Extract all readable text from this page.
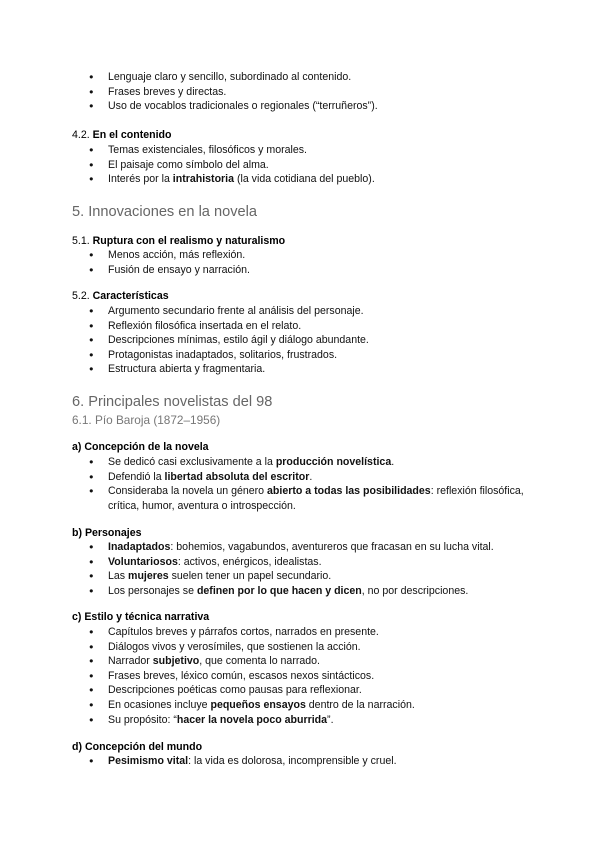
● Lenguaje claro y sencillo, subordinado al contenido.
● Frases breves y directas.
● Uso de vocablos tradicionales o regionales (“terruñeros”).
4.2. En el contenido
● Temas existenciales, filosóficos y morales.
● El paisaje como símbolo del alma.
● Interés por la intrahistoria (la vida cotidiana del pueblo).
5. Innovaciones en la novela
5.1. Ruptura con el realismo y naturalismo
● Menos acción, más reflexión.
● Fusión de ensayo y narración.
5.2. Características
● Argumento secundario frente al análisis del personaje.
● Reflexión filosófica insertada en el relato.
● Descripciones mínimas, estilo ágil y diálogo abundante.
● Protagonistas inadaptados, solitarios, frustrados.
● Estructura abierta y fragmentaria.
6. Principales novelistas del 98
6.1. Pío Baroja (1872–1956)
a) Concepción de la novela
● Se dedicó casi exclusivamente a la producción novelística.
● Defendió la libertad absoluta del escritor.
● Consideraba la novela un género abierto a todas las posibilidades: reflexión filosófica, crítica, humor, aventura o introspección.
b) Personajes
● Inadaptados: bohemios, vagabundos, aventureros que fracasan en su lucha vital.
● Voluntariosos: activos, enérgicos, idealistas.
● Las mujeres suelen tener un papel secundario.
● Los personajes se definen por lo que hacen y dicen, no por descripciones.
c) Estilo y técnica narrativa
● Capítulos breves y párrafos cortos, narrados en presente.
● Diálogos vivos y verosímiles, que sostienen la acción.
● Narrador subjetivo, que comenta lo narrado.
● Frases breves, léxico común, escasos nexos sintácticos.
● Descripciones poéticas como pausas para reflexionar.
● En ocasiones incluye pequeños ensayos dentro de la narración.
● Su propósito: “hacer la novela poco aburrida”.
d) Concepción del mundo
● Pesimismo vital: la vida es dolorosa, incomprensible y cruel.
